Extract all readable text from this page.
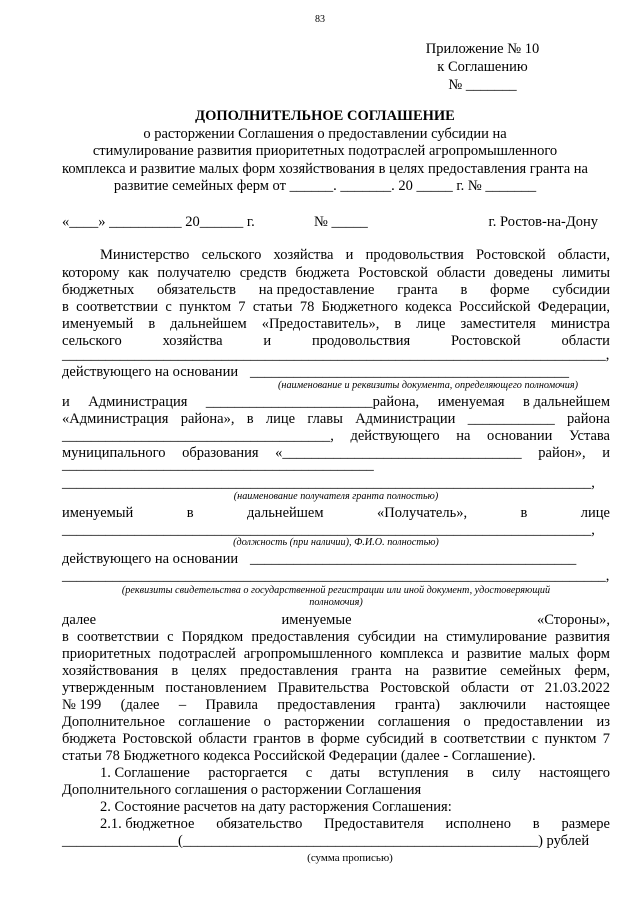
83
Приложение № 10
к Соглашению
№ _______
ДОПОЛНИТЕЛЬНОЕ СОГЛАШЕНИЕ
о расторжении Соглашения о предоставлении субсидии на
стимулирование развития приоритетных подотраслей агропромышленного
комплекса и развитие малых форм хозяйствования в целях предоставления гранта на
развитие семейных ферм от ______. _______. 20 _____ г. № _______
«____» __________ 20______ г.	№ _____	г. Ростов-на-Дону
Министерство сельского хозяйства и продовольствия Ростовской области,
которому как получателю средств бюджета Ростовской области доведены лимиты
бюджетных обязательств на предоставление гранта в форме субсидии
в соответствии с пунктом 7 статьи 78 Бюджетного кодекса Российской Федерации,
именуемый в дальнейшем «Предоставитель», в лице заместителя министра
сельского	хозяйства	и	продовольствия	Ростовской	области
___________________________________________________________________________,
действующего на основании ____________________________________________
(наименование и реквизиты документа, определяющего полномочия)
и Администрация _______________________района, именуемая в дальнейшем
«Администрация района», в лице главы Администрации ____________ района
_____________________________________, действующего на основании Устава
муниципального образования «_________________________________ район», и
___________________________________________
_________________________________________________________________________,
(наименование получателя гранта полностью)
именуемый	в	дальнейшем	«Получатель»,	в	лице
_________________________________________________________________________,
(должность (при наличии), Ф.И.О. полностью)
действующего на основании _____________________________________________
___________________________________________________________________________,
(реквизиты свидетельства о государственной регистрации или иной документ, удостоверяющий
полномочия)
далее	именуемые	«Стороны»,
в соответствии с Порядком предоставления субсидии на стимулирование развития
приоритетных подотраслей агропромышленного комплекса и развитие малых форм
хозяйствования в целях предоставления гранта на развитие семейных ферм,
утвержденным постановлением Правительства Ростовской области от 21.03.2022
№ 199 (далее – Правила предоставления гранта) заключили настоящее
Дополнительное соглашение о расторжении соглашения о предоставлении из
бюджета Ростовской области грантов в форме субсидий в соответствии с пунктом 7
статьи 78 Бюджетного кодекса Российской Федерации (далее - Соглашение).
1. Соглашение расторгается с даты вступления в силу настоящего
Дополнительного соглашения о расторжении Соглашения
2. Состояние расчетов на дату расторжения Соглашения:
2.1. бюджетное обязательство Предоставителя исполнено в размере
________________(_________________________________________________) рублей
(сумма прописью)
